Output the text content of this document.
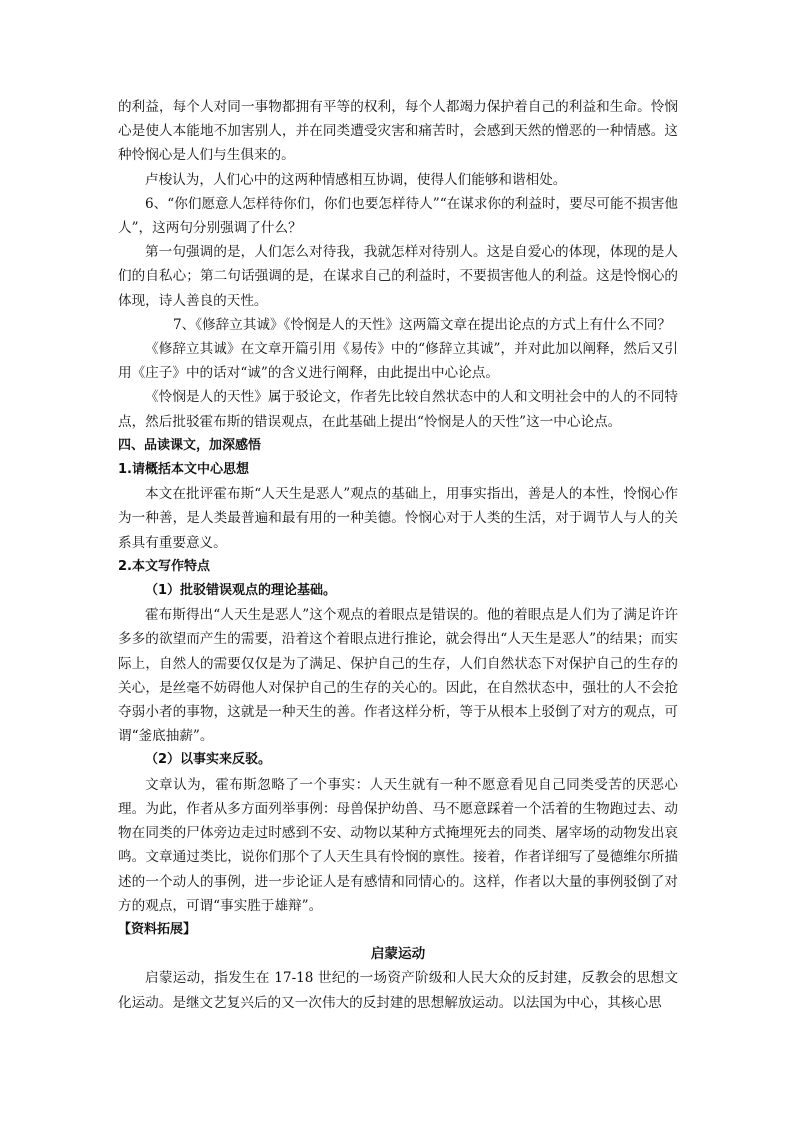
的利益，每个人对同一事物都拥有平等的权利，每个人都竭力保护着自己的利益和生命。怜悯心是使人本能地不加害别人，并在同类遭受灾害和痛苦时，会感到天然的憎恶的一种情感。这种怜悯心是人们与生俱来的。

卢梭认为，人们心中的这两种情感相互协调，使得人们能够和谐相处。

6、“你们愿意人怎样待你们，你们也要怎样待人”“在谋求你的利益时，要尽可能不损害他人”，这两句分别强调了什么？

第一句强调的是，人们怎么对待我，我就怎样对待别人。这是自爱心的体现，体现的是人们的自私心；第二句话强调的是，在谋求自己的利益时，不要损害他人的利益。这是怜悯心的体现，诗人善良的天性。

7、《修辞立其诚》《怜悯是人的天性》这两篇文章在提出论点的方式上有什么不同？

《修辞立其诚》在文章开篇引用《易传》中的“修辞立其诚”，并对此加以阐释，然后又引用《庄子》中的话对“诚”的含义进行阐释，由此提出中心论点。

《怜悯是人的天性》属于驳论文，作者先比较自然状态中的人和文明社会中的人的不同特点，然后批驳霍布斯的错误观点，在此基础上提出“怜悯是人的天性”这一中心论点。

四、品读课文，加深感悟

1.请概括本文中心思想

本文在批评霍布斯“人天生是恶人”观点的基础上，用事实指出，善是人的本性，怜悯心作为一种善，是人类最普遍和最有用的一种美德。怜悯心对于人类的生活，对于调节人与人的关系具有重要意义。

2.本文写作特点

（1）批驳错误观点的理论基础。

霍布斯得出“人天生是恶人”这个观点的着眼点是错误的。他的着眼点是人们为了满足许许多多的欲望而产生的需要，沿着这个着眼点进行推论，就会得出“人天生是恶人”的结果；而实际上，自然人的需要仅仅是为了满足、保护自己的生存，人们自然状态下对保护自己的生存的关心，是丝毫不妨碍他人对保护自己的生存的关心的。因此，在自然状态中，强壮的人不会抢夺弱小者的事物，这就是一种天生的善。作者这样分析，等于从根本上驳倒了对方的观点，可谓“釜底抽薪”。

（2）以事实来反驳。

文章认为，霍布斯忽略了一个事实：人天生就有一种不愿意看见自己同类受苦的厌恶心理。为此，作者从多方面列举事例：母兽保护幼兽、马不愿意踩着一个活着的生物跑过去、动物在同类的尸体旁边走过时感到不安、动物以某种方式掩埋死去的同类、屠宰场的动物发出哀鸣。文章通过类比，说你们那个了人天生具有怜悯的禀性。接着，作者详细写了曼德维尔所描述的一个动人的事例，进一步论证人是有感情和同情心的。这样，作者以大量的事例驳倒了对方的观点，可谓“事实胜于雄辩”。

【资料拓展】

启蒙运动

启蒙运动，指发生在 17-18 世纪的一场资产阶级和人民大众的反封建，反教会的思想文化运动。是继文艺复兴后的又一次伟大的反封建的思想解放运动。以法国为中心，其核心思
